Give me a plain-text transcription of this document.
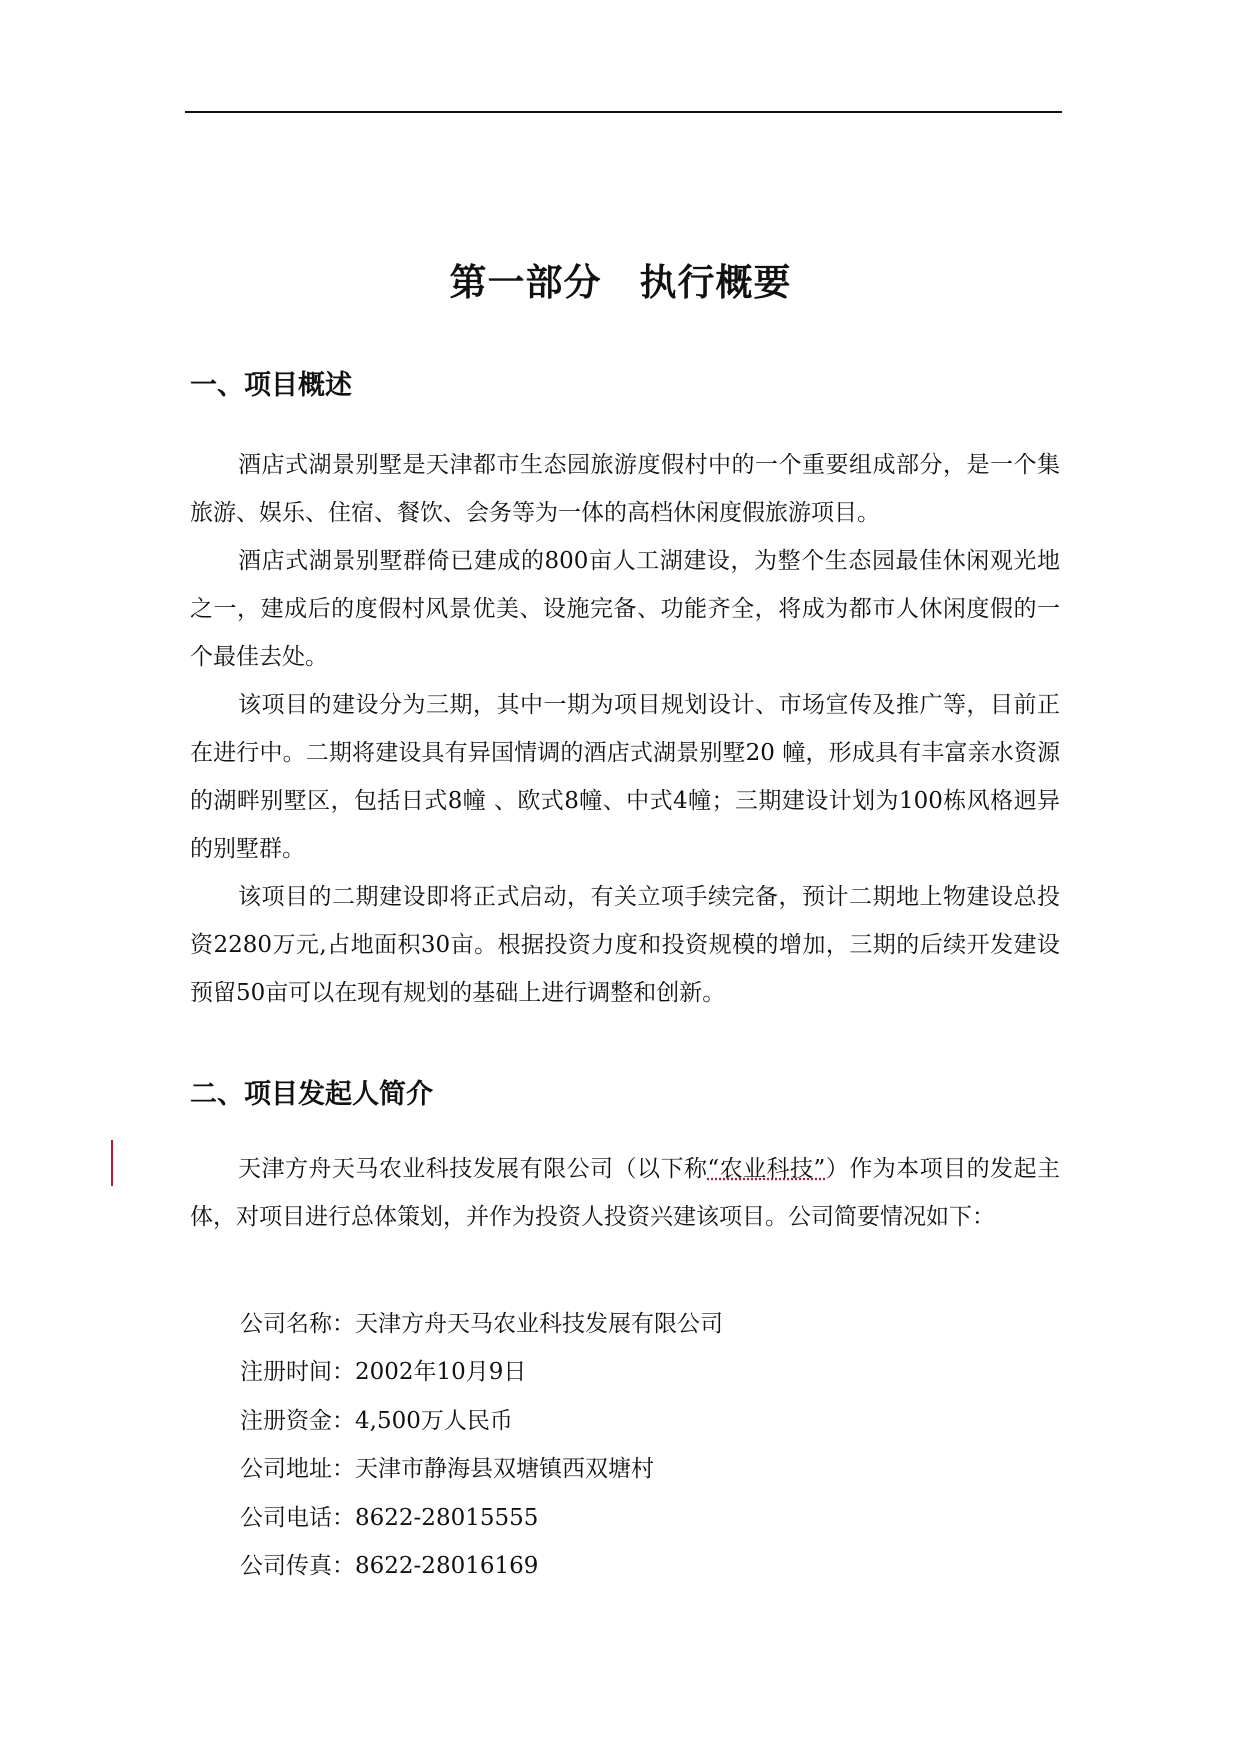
第一部分　执行概要
一、项目概述

酒店式湖景别墅是天津都市生态园旅游度假村中的一个重要组成部分，是一个集旅游、娱乐、住宿、餐饮、会务等为一体的高档休闲度假旅游项目。

酒店式湖景别墅群倚已建成的800亩人工湖建设，为整个生态园最佳休闲观光地之一，建成后的度假村风景优美、设施完备、功能齐全，将成为都市人休闲度假的一个最佳去处。

该项目的建设分为三期，其中一期为项目规划设计、市场宣传及推广等，目前正在进行中。二期将建设具有异国情调的酒店式湖景别墅20 幢，形成具有丰富亲水资源的湖畔别墅区，包括日式8幢 、欧式8幢、中式4幢；三期建设计划为100栋风格迥异的别墅群。

该项目的二期建设即将正式启动，有关立项手续完备，预计二期地上物建设总投资2280万元,占地面积30亩。根据投资力度和投资规模的增加，三期的后续开发建设预留50亩可以在现有规划的基础上进行调整和创新。

二、项目发起人简介

天津方舟天马农业科技发展有限公司（以下称“农业科技”）作为本项目的发起主体，对项目进行总体策划，并作为投资人投资兴建该项目。公司简要情况如下：

公司名称：天津方舟天马农业科技发展有限公司
注册时间：2002年10月9日
注册资金：4,500万人民币
公司地址：天津市静海县双塘镇西双塘村
公司电话：8622-28015555
公司传真：8622-28016169
